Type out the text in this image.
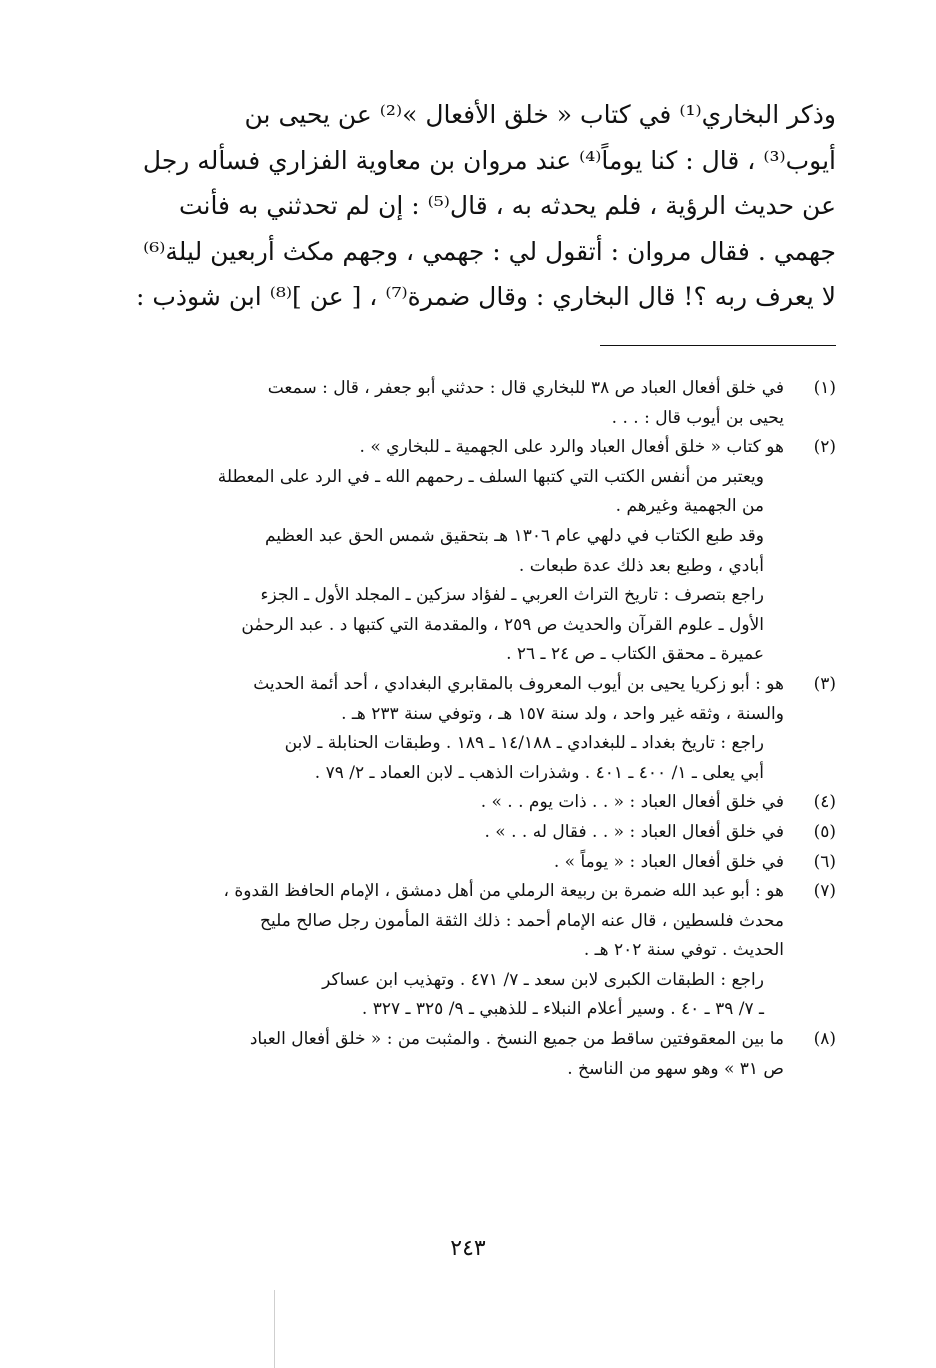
وذكر البخاري⁽¹⁾ في كتاب « خلق الأفعال »⁽²⁾ عن يحيى بن
أيوب⁽³⁾ ، قال : كنا يوماً⁽⁴⁾ عند مروان بن معاوية الفزاري فسأله رجل
عن حديث الرؤية ، فلم يحدثه به ، قال⁽⁵⁾ : إن لم تحدثني به فأنت
جهمي . فقال مروان : أتقول لي : جهمي ، وجهم مكث أربعين ليلة⁽⁶⁾
لا يعرف ربه ؟! قال البخاري : وقال ضمرة⁽⁷⁾ ، [ عن ]⁽⁸⁾ ابن شوذب :
(١)
في خلق أفعال العباد ص ٣٨ للبخاري قال : حدثني أبو جعفر ، قال : سمعت
يحيى بن أيوب قال : . . .
(٢)
هو كتاب « خلق أفعال العباد والرد على الجهمية ـ للبخاري » .
ويعتبر من أنفس الكتب التي كتبها السلف ـ رحمهم الله ـ في الرد على المعطلة
من الجهمية وغيرهم .
وقد طبع الكتاب في دلهي عام ١٣٠٦ هـ بتحقيق شمس الحق عبد العظيم
أبادي ، وطبع بعد ذلك عدة طبعات .
راجع بتصرف : تاريخ التراث العربي ـ لفؤاد سزكين ـ المجلد الأول ـ الجزء
الأول ـ علوم القرآن والحديث ص ٢٥٩ ، والمقدمة التي كتبها د . عبد الرحمٰن
عميرة ـ محقق الكتاب ـ ص ٢٤ ـ ٢٦ .
(٣)
هو : أبو زكريا يحيى بن أيوب المعروف بالمقابري البغدادي ، أحد أئمة الحديث
والسنة ، وثقه غير واحد ، ولد سنة ١٥٧ هـ ، وتوفي سنة ٢٣٣ هـ .
راجع : تاريخ بغداد ـ للبغدادي ـ ١٤/١٨٨ ـ ١٨٩ . وطبقات الحنابلة ـ لابن
أبي يعلى ـ ١/ ٤٠٠ ـ ٤٠١ . وشذرات الذهب ـ لابن العماد ـ ٢/ ٧٩ .
(٤)
في خلق أفعال العباد : « . . ذات يوم . . » .
(٥)
في خلق أفعال العباد : « . . فقال له . . » .
(٦)
في خلق أفعال العباد : « يوماً » .
(٧)
هو : أبو عبد الله ضمرة بن ربيعة الرملي من أهل دمشق ، الإمام الحافظ القدوة ،
محدث فلسطين ، قال عنه الإمام أحمد : ذلك الثقة المأمون رجل صالح مليح
الحديث . توفي سنة ٢٠٢ هـ .
راجع : الطبقات الكبرى لابن سعد ـ ٧/ ٤٧١ . وتهذيب ابن عساكر
ـ ٧/ ٣٩ ـ ٤٠ . وسير أعلام النبلاء ـ للذهبي ـ ٩/ ٣٢٥ ـ ٣٢٧ .
(٨)
ما بين المعقوفتين ساقط من جميع النسخ . والمثبت من : « خلق أفعال العباد
ص ٣١ » وهو سهو من الناسخ .
٢٤٣
